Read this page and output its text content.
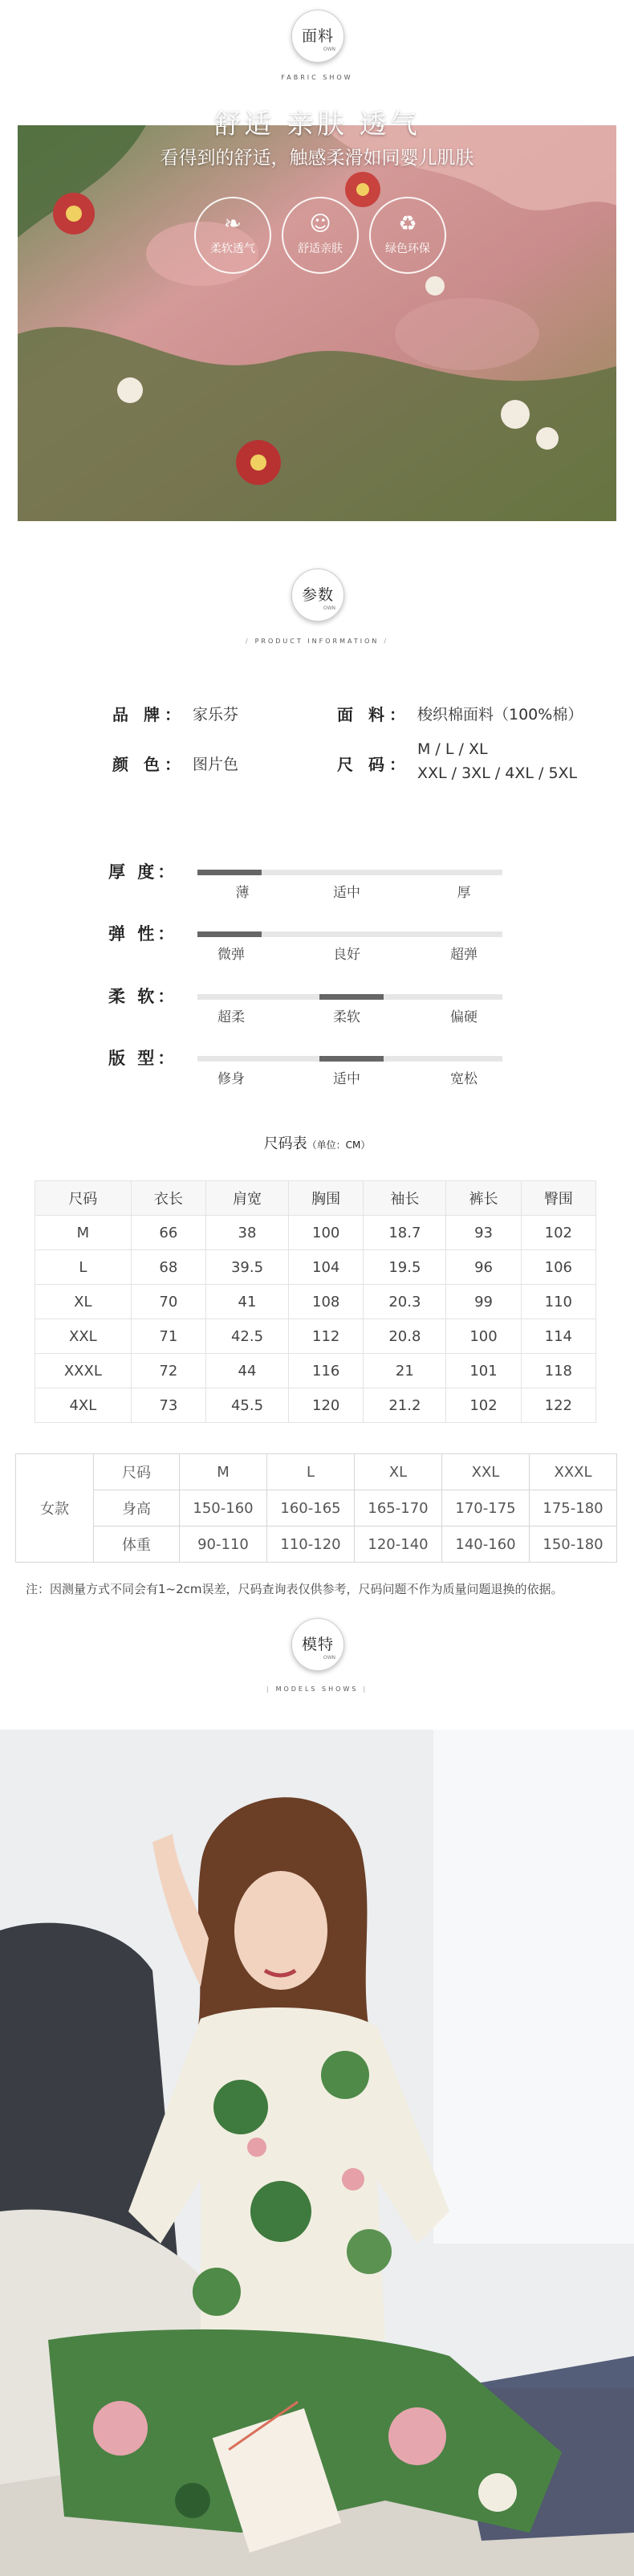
面料
OWN
FABRIC SHOW
舒适 亲肤 透气
看得到的舒适，触感柔滑如同婴儿肌肤
❧
柔软透气
☺
舒适亲肤
♻
绿色环保
参数
OWN
/ PRODUCT INFORMATION /
品 牌： 家乐芬	面 料： 梭织棉面料（100%棉）
颜 色： 图片色	尺 码：
M / L / XL
XXL / 3XL / 4XL / 5XL
厚 度：
薄	适中	厚
弹 性：
微弹	良好	超弹
柔 软：
超柔	柔软	偏硬
版 型：
修身	适中	宽松
尺码表（单位：CM）
尺码	衣长	肩宽	胸围	袖长	裤长	臀围
M	66	38	100	18.7	93	102
L	68	39.5	104	19.5	96	106
XL	70	41	108	20.3	99	110
XXL	71	42.5	112	20.8	100	114
XXXL	72	44	116	21	101	118
4XL	73	45.5	120	21.2	102	122
女款	尺码	M	L	XL	XXL	XXXL
	身高	150-160	160-165	165-170	170-175	175-180
	体重	90-110	110-120	120-140	140-160	150-180
注：因测量方式不同会有1~2cm误差，尺码查询表仅供参考，尺码问题不作为质量问题退换的依据。
模特
OWN
| MODELS SHOWS |
